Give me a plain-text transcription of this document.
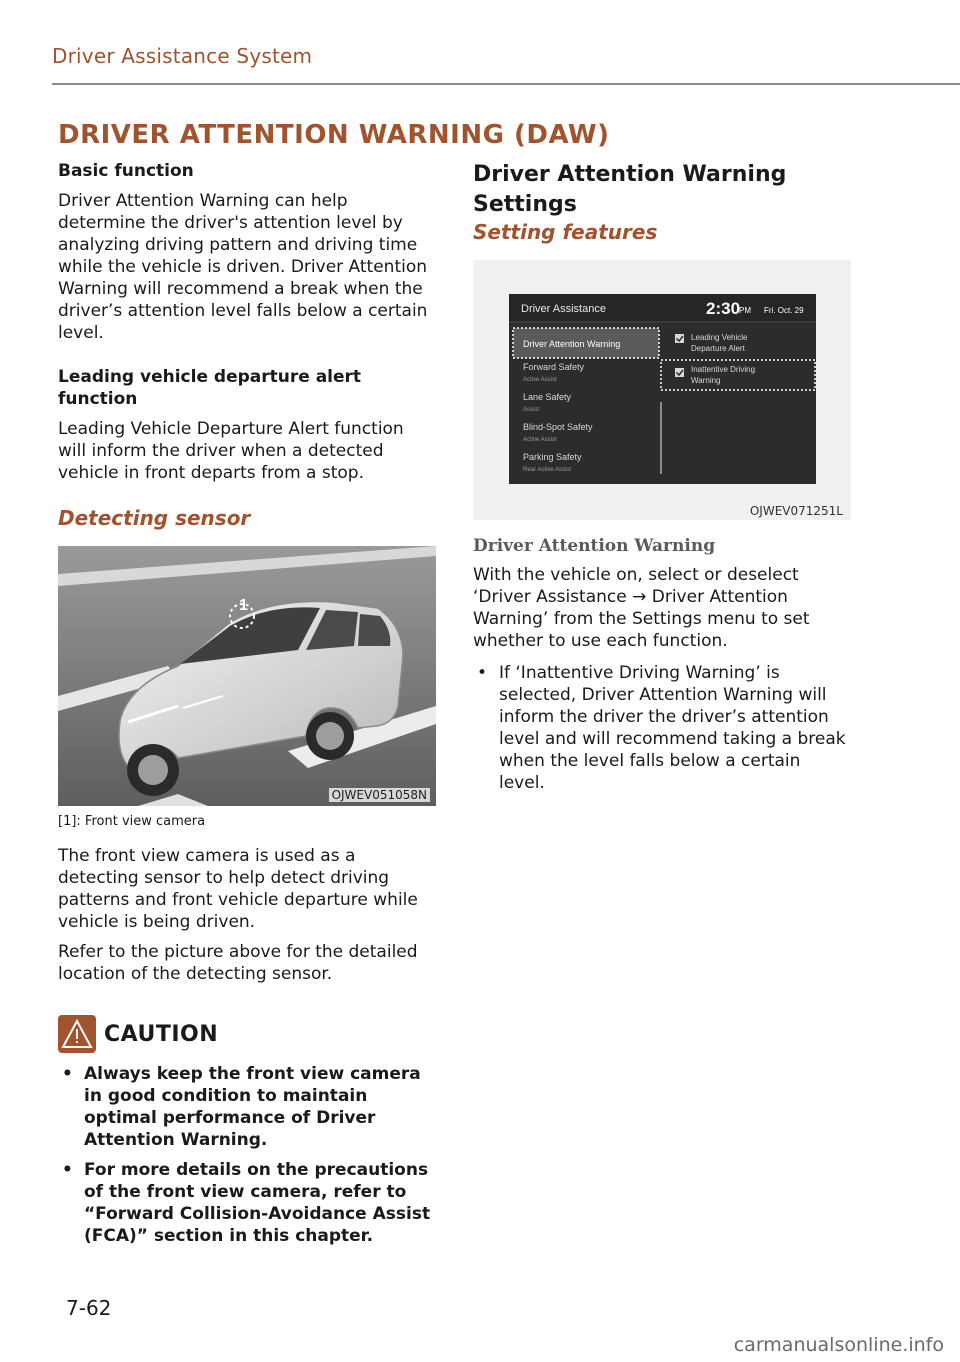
Driver Assistance System
DRIVER ATTENTION WARNING (DAW)
Basic function
Driver Attention Warning can help determine the driver's attention level by analyzing driving pattern and driving time while the vehicle is driven. Driver Attention Warning will recommend a break when the driver’s attention level falls below a certain level.
Leading vehicle departure alert function
Leading Vehicle Departure Alert function will inform the driver when a detected vehicle in front departs from a stop.
Detecting sensor
1
OJWEV051058N
[1]: Front view camera
The front view camera is used as a detecting sensor to help detect driving patterns and front vehicle departure while vehicle is being driven.
Refer to the picture above for the detailed location of the detecting sensor.
CAUTION
• Always keep the front view camera in good condition to maintain optimal performance of Driver Attention Warning.
• For more details on the precautions of the front view camera, refer to “Forward Collision-Avoidance Assist (FCA)” section in this chapter.
Driver Attention Warning Settings
Setting features
Driver Assistance	2:30
PM Fri. Oct. 29
Driver Attention Warning
Forward Safety
Active Assist
Lane Safety
Assist
Blind-Spot Safety
Active Assist
Parking Safety
Rear Active Assist
Leading Vehicle
Departure Alert
Inattentive Driving
Warning
OJWEV071251L
Driver Attention Warning
With the vehicle on, select or deselect ‘Driver Assistance → Driver Attention Warning’ from the Settings menu to set whether to use each function.
• If ‘Inattentive Driving Warning’ is selected, Driver Attention Warning will inform the driver the driver’s attention level and will recommend taking a break when the level falls below a certain level.
7-62
carmanualsonline.info
